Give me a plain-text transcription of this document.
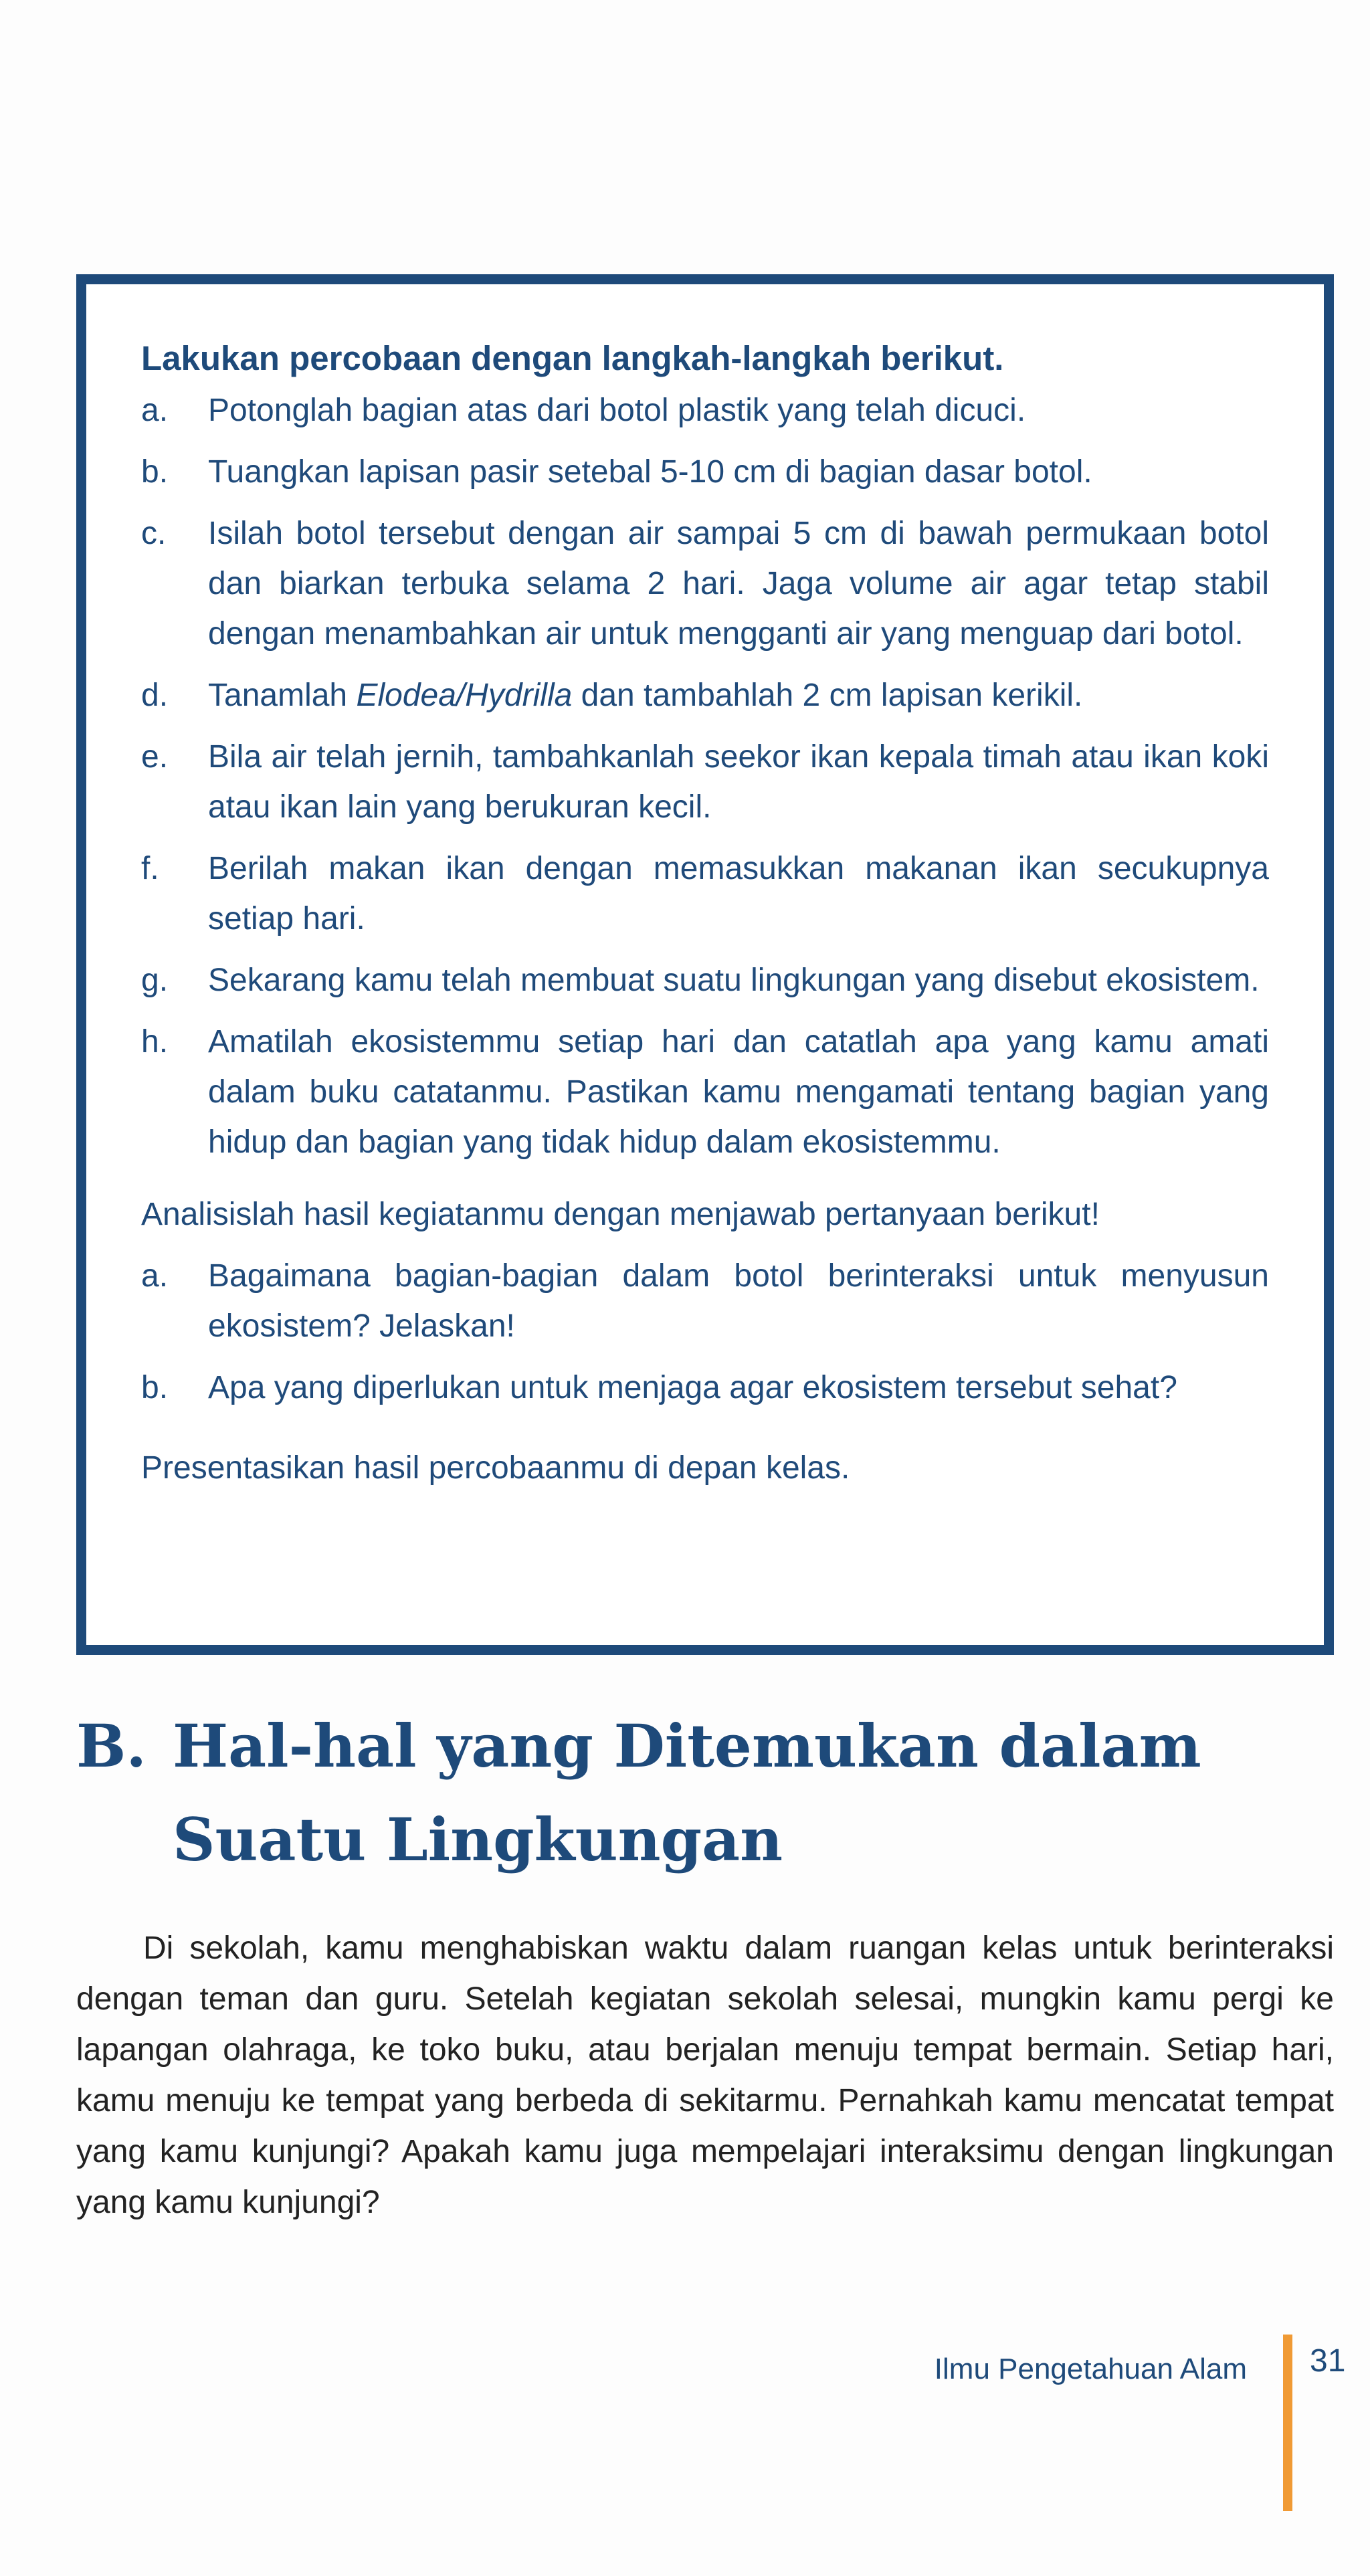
Lakukan percobaan dengan langkah-langkah berikut.

a.	Potonglah bagian atas dari botol plastik yang telah dicuci.
b.	Tuangkan lapisan pasir setebal 5-10 cm di bagian dasar botol.
c.	Isilah botol tersebut dengan air sampai 5 cm di bawah permukaan botol dan biarkan terbuka selama 2 hari. Jaga volume air agar tetap stabil dengan menambahkan air untuk mengganti air yang menguap dari botol.
d.	Tanamlah Elodea/Hydrilla dan tambahlah 2 cm lapisan kerikil.
e.	Bila air telah jernih, tambahkanlah seekor ikan kepala timah atau ikan koki atau ikan lain yang berukuran kecil.
f.	Berilah makan ikan dengan memasukkan makanan ikan secukupnya setiap hari.
g.	Sekarang kamu telah membuat suatu lingkungan yang disebut ekosistem.
h.	Amatilah ekosistemmu setiap hari dan catatlah apa yang kamu amati dalam buku catatanmu. Pastikan kamu mengamati tentang bagian yang hidup dan bagian yang tidak hidup dalam ekosistemmu.

Analisislah hasil kegiatanmu dengan menjawab pertanyaan berikut!

a.	Bagaimana bagian-bagian dalam botol berinteraksi untuk menyusun ekosistem? Jelaskan!
b.	Apa yang diperlukan untuk menjaga agar ekosistem tersebut sehat?

Presentasikan hasil percobaanmu di depan kelas.

B. Hal-hal yang Ditemukan dalam
Suatu Lingkungan

Di sekolah, kamu menghabiskan waktu dalam ruangan kelas untuk berinteraksi dengan teman dan guru. Setelah kegiatan sekolah selesai, mungkin kamu pergi ke lapangan olahraga, ke toko buku, atau berjalan menuju tempat bermain. Setiap hari, kamu menuju ke tempat yang berbeda di sekitarmu. Pernahkah kamu mencatat tempat yang kamu kunjungi? Apakah kamu juga mempelajari interaksimu dengan lingkungan yang kamu kunjungi?

Ilmu Pengetahuan Alam 31
